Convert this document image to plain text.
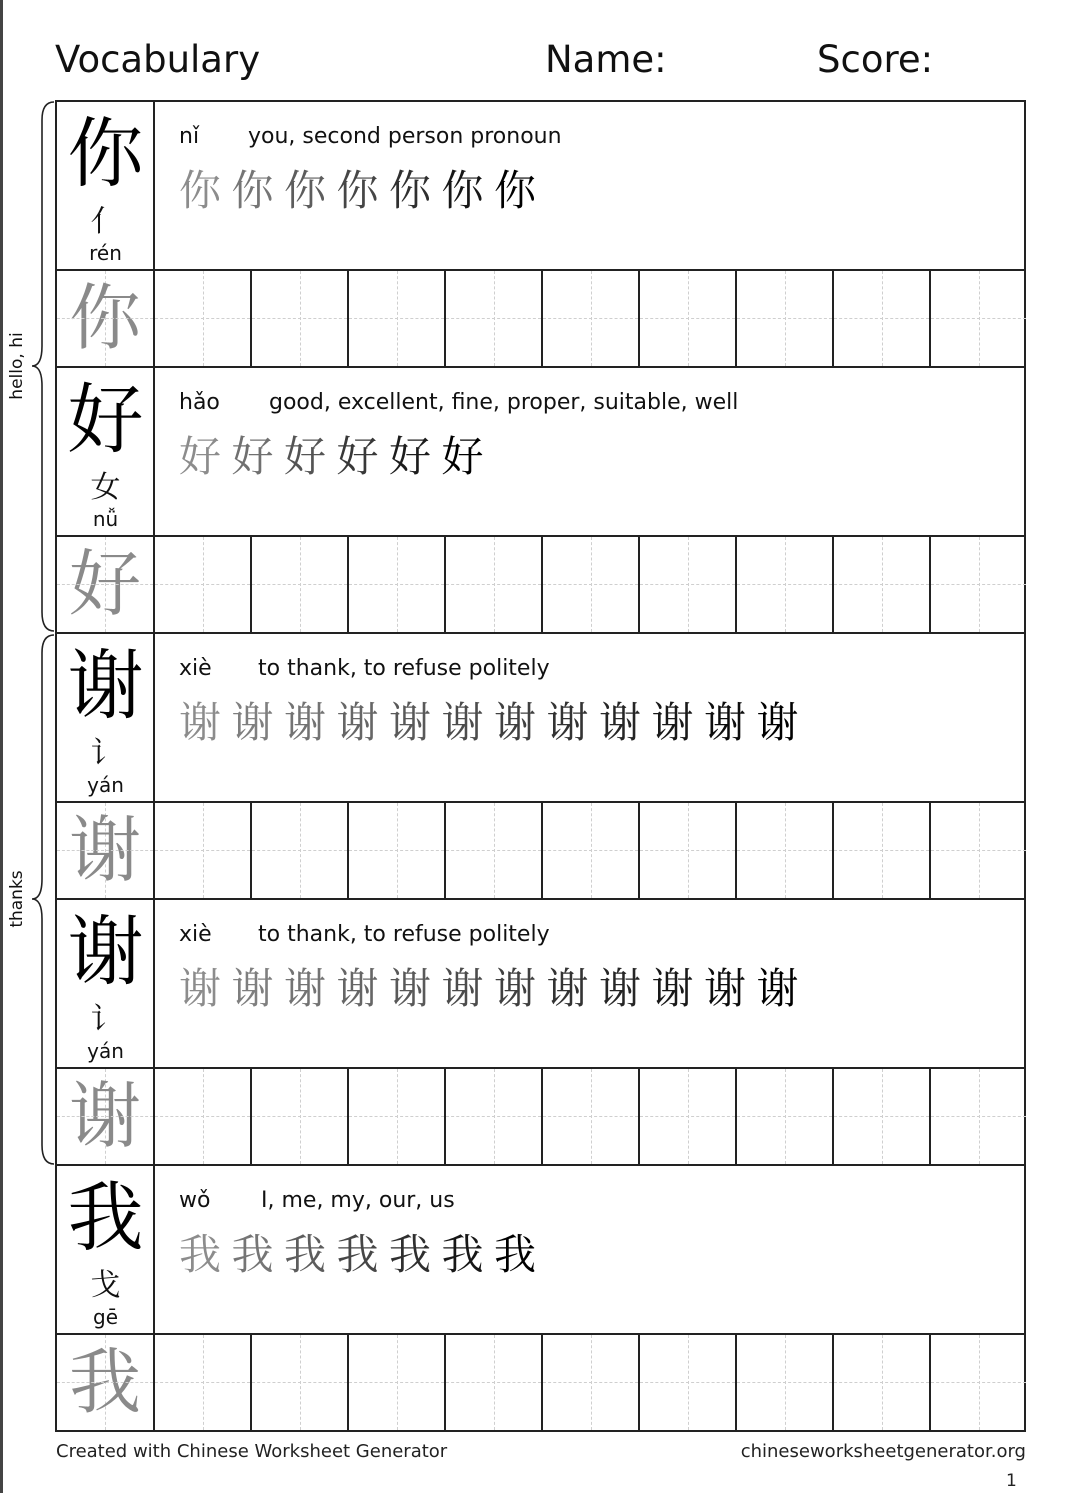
Vocabulary	Name:	Score:
hello, hi
thanks
你
亻
rén
nǐ you, second person pronoun
你 你 你 你 你 你 你
你
好
女
nǚ
hǎo good, excellent, fine, proper, suitable, well
好 好 好 好 好 好
好
谢
讠
yán
xiè to thank, to refuse politely
谢 谢 谢 谢 谢 谢 谢 谢 谢 谢 谢 谢
谢
谢
讠
yán
xiè to thank, to refuse politely
谢 谢 谢 谢 谢 谢 谢 谢 谢 谢 谢 谢
谢
我
戈
gē
wǒ I, me, my, our, us
我 我 我 我 我 我 我
我
Created with Chinese Worksheet Generator	chineseworksheetgenerator.org
1
